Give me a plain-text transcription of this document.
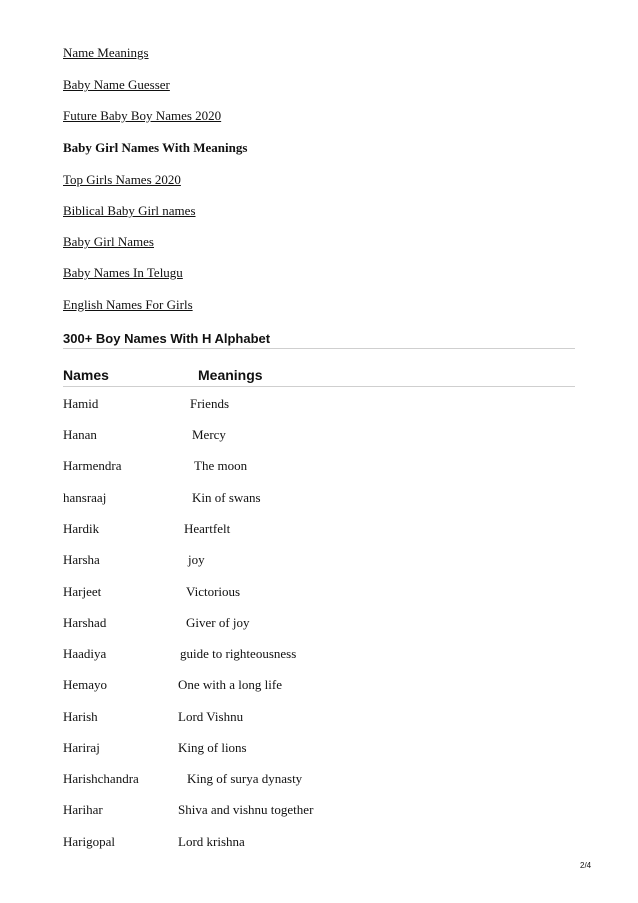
Name Meanings
Baby Name Guesser
Future Baby Boy Names 2020
Baby Girl Names With Meanings
Top Girls Names 2020
Biblical Baby Girl names
Baby Girl Names
Baby Names In Telugu
English Names For Girls
300+ Boy Names With H Alphabet
Names	Meanings
Hamid	Friends
Hanan	Mercy
Harmendra	The moon
hansraaj	Kin of swans
Hardik	Heartfelt
Harsha	joy
Harjeet	Victorious
Harshad	Giver of joy
Haadiya	guide to righteousness
Hemayo	One with a long life
Harish	Lord Vishnu
Hariraj	King of lions
Harishchandra	King of surya dynasty
Harihar	Shiva and vishnu together
Harigopal	Lord krishna
2/4
